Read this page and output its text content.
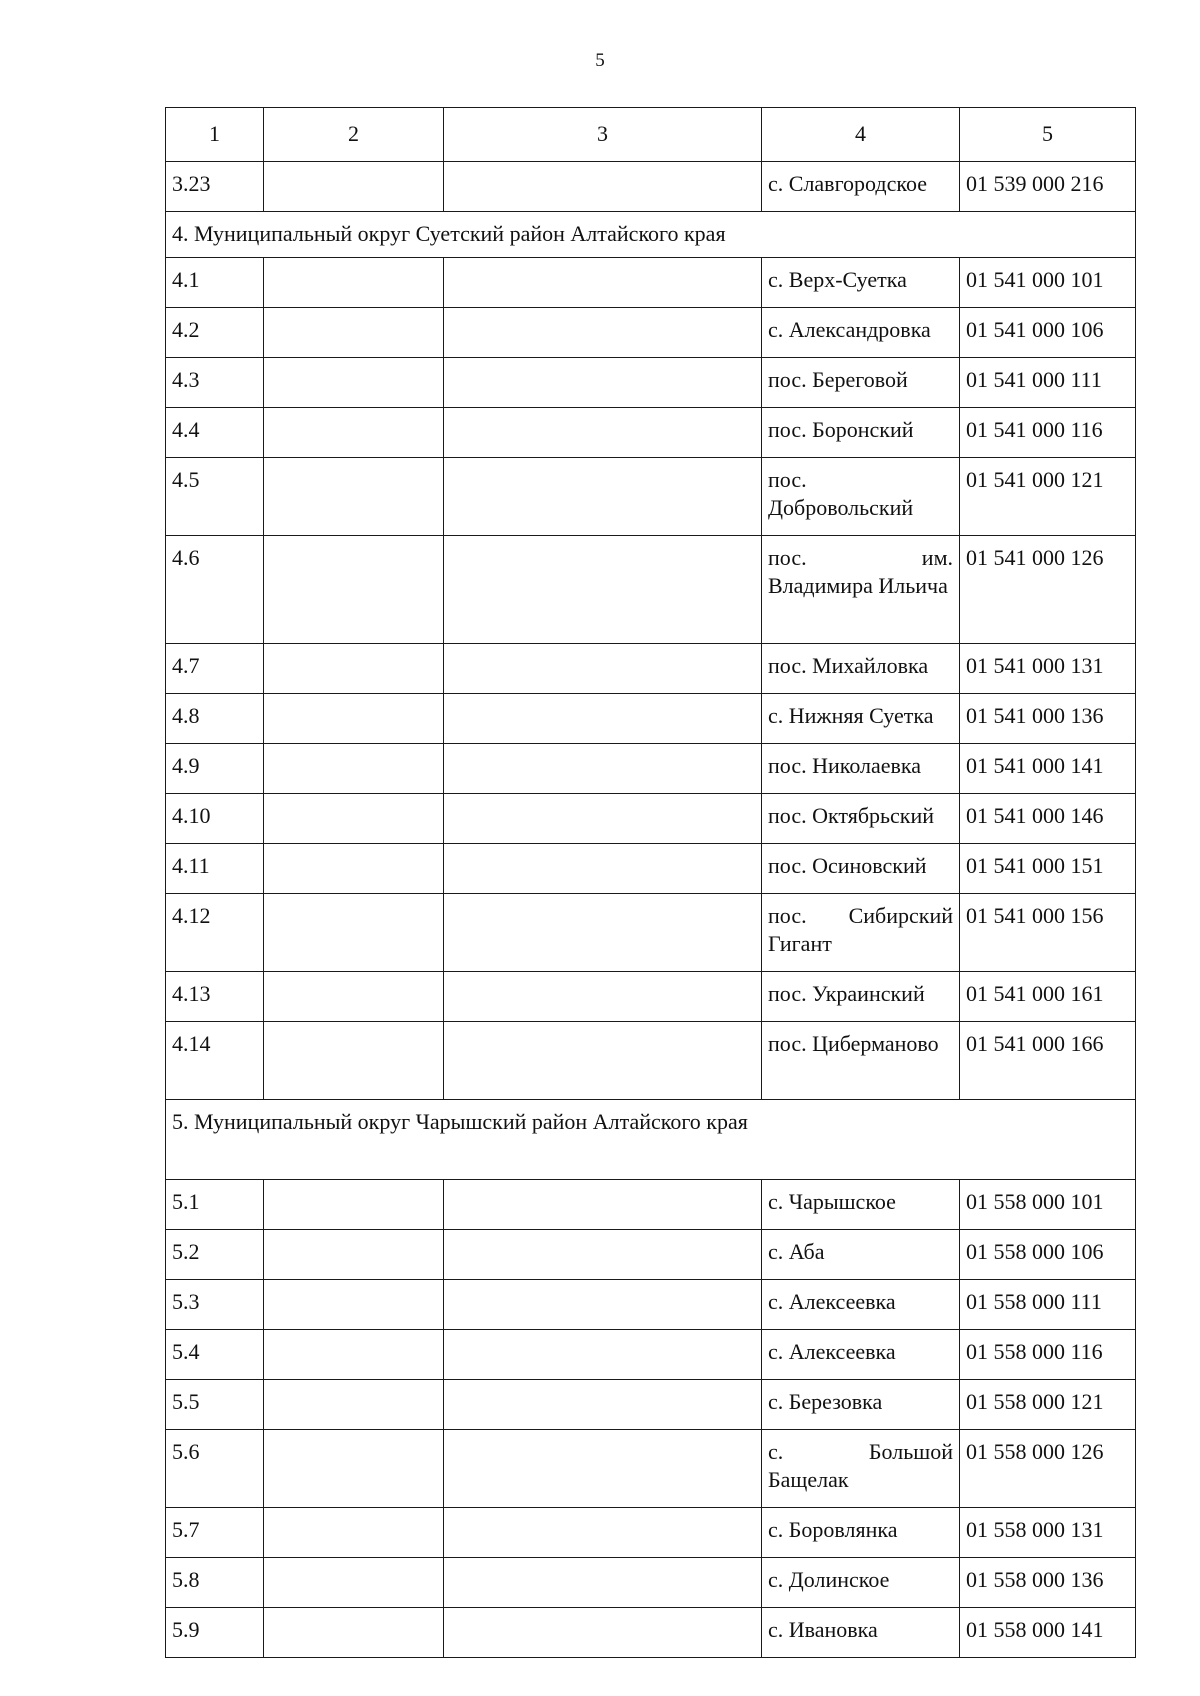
5
1	2	3	4	5
3.23			с. Славгородское	01 539 000 216
4. Муниципальный округ Суетский район Алтайского края				
4.1			с. Верх-Суетка	01 541 000 101
4.2			с. Александровка	01 541 000 106
4.3			пос. Береговой	01 541 000 111
4.4			пос. Боронский	01 541 000 116
4.5			пос. Добровольский	01 541 000 121
4.6			пос. им. Владимира Ильича	01 541 000 126
4.7			пос. Михайловка	01 541 000 131
4.8			с. Нижняя Суетка	01 541 000 136
4.9			пос. Николаевка	01 541 000 141
4.10			пос. Октябрьский	01 541 000 146
4.11			пос. Осиновский	01 541 000 151
4.12			пос. Сибирский Гигант	01 541 000 156
4.13			пос. Украинский	01 541 000 161
4.14			пос. Циберманово	01 541 000 166
5. Муниципальный округ Чарышский район Алтайского края				
5.1			с. Чарышское	01 558 000 101
5.2			с. Аба	01 558 000 106
5.3			с. Алексеевка	01 558 000 111
5.4			с. Алексеевка	01 558 000 116
5.5			с. Березовка	01 558 000 121
5.6			с. Большой Бащелак	01 558 000 126
5.7			с. Боровлянка	01 558 000 131
5.8			с. Долинское	01 558 000 136
5.9			с. Ивановка	01 558 000 141
